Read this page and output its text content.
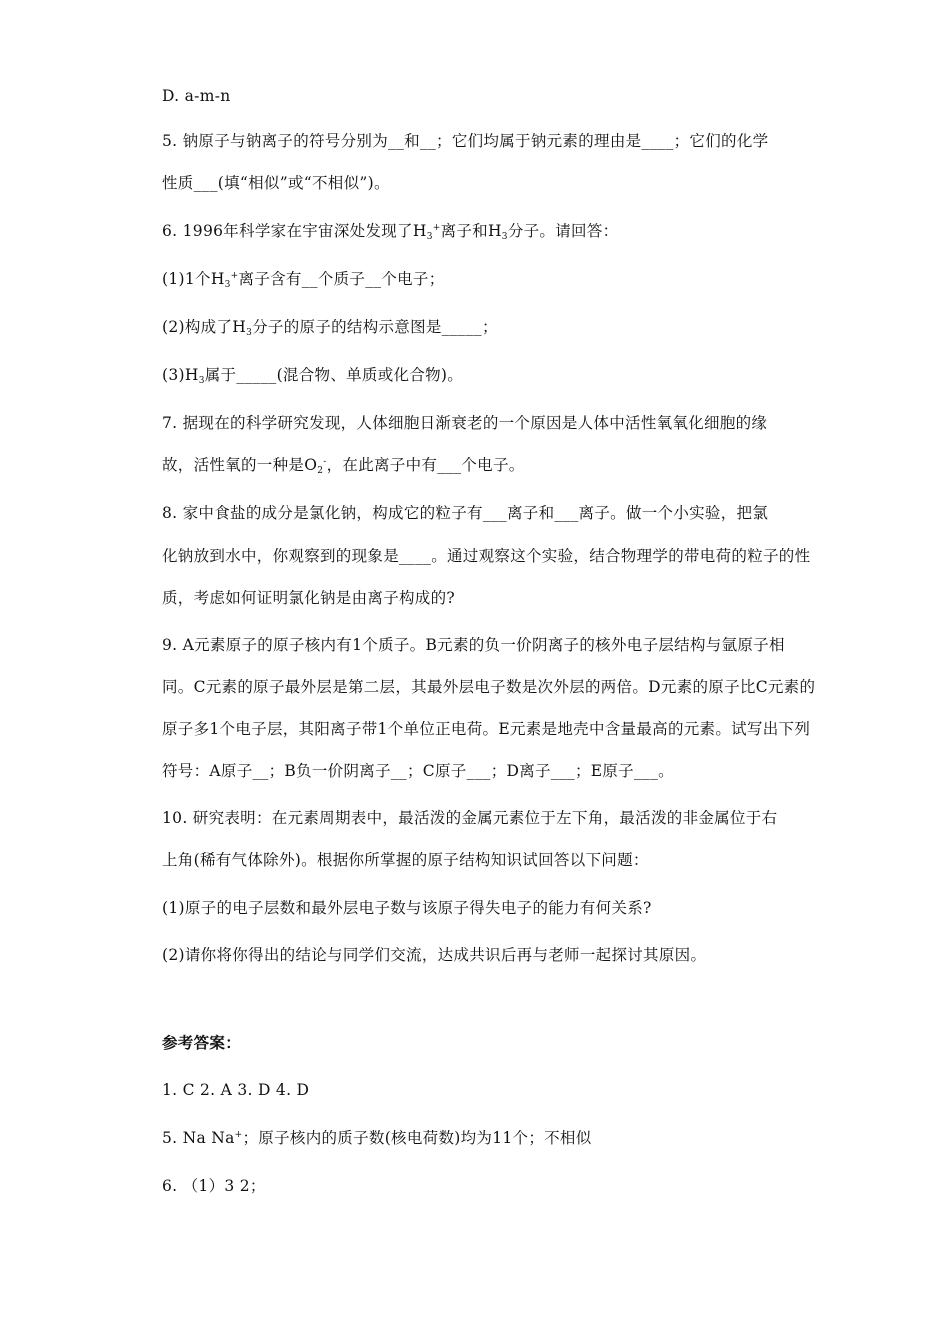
D. a-m-n
5. 钠原子与钠离子的符号分别为__和__；它们均属于钠元素的理由是____；它们的化学
性质___(填“相似”或“不相似”)。
6. 1996年科学家在宇宙深处发现了H3+离子和H3分子。请回答：
(1)1个H3+离子含有__个质子__个电子；
(2)构成了H3分子的原子的结构示意图是_____；
(3)H3属于_____(混合物、单质或化合物)。
7. 据现在的科学研究发现，人体细胞日渐衰老的一个原因是人体中活性氧氧化细胞的缘
故，活性氧的一种是O2-，在此离子中有___个电子。
8. 家中食盐的成分是氯化钠，构成它的粒子有___离子和___离子。做一个小实验，把氯
化钠放到水中，你观察到的现象是____。通过观察这个实验，结合物理学的带电荷的粒子的性
质，考虑如何证明氯化钠是由离子构成的?
9. A元素原子的原子核内有1个质子。B元素的负一价阴离子的核外电子层结构与氩原子相
同。C元素的原子最外层是第二层，其最外层电子数是次外层的两倍。D元素的原子比C元素的
原子多1个电子层，其阳离子带1个单位正电荷。E元素是地壳中含量最高的元素。试写出下列
符号：A原子__；B负一价阴离子__；C原子___；D离子___；E原子___。
10. 研究表明：在元素周期表中，最活泼的金属元素位于左下角，最活泼的非金属位于右
上角(稀有气体除外)。根据你所掌握的原子结构知识试回答以下问题：
(1)原子的电子层数和最外层电子数与该原子得失电子的能力有何关系?
(2)请你将你得出的结论与同学们交流，达成共识后再与老师一起探讨其原因。
参考答案：
1. C 2. A 3. D 4. D
5. Na Na+；原子核内的质子数(核电荷数)均为11个；不相似
6. （1）3 2；
